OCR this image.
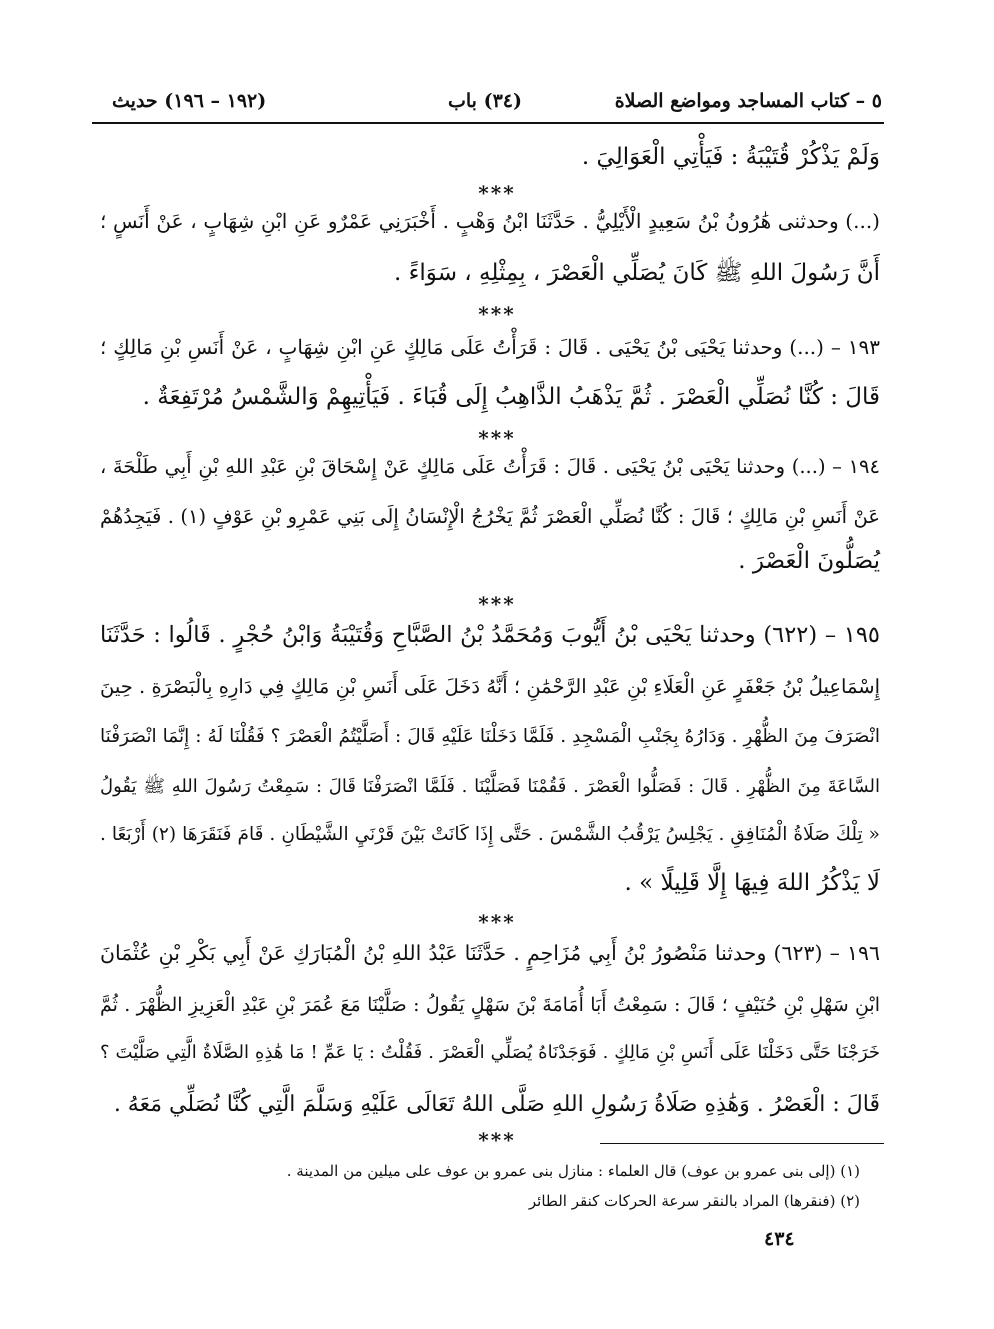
٥ – كتاب المساجد ومواضع الصلاة
(٣٤) باب
(١٩٢ – ١٩٦) حديث
وَلَمْ يَذْكُرْ قُتَيْبَةُ : فَيَأْتِي الْعَوَالِيَ .
***
(...) وحدثنى هَٰرُونُ بْنُ سَعِيدٍ الْأَيْلِيُّ . حَدَّثَنَا ابْنُ وَهْبٍ . أَخْبَرَنِي عَمْرٌو عَنِ ابْنِ شِهَابٍ ، عَنْ أَنَسٍ ؛
أَنَّ رَسُولَ اللهِ ﷺ كَانَ يُصَلِّي الْعَصْرَ ، بِمِثْلِهِ ، سَوَاءً .
***
١٩٣ – (...) وحدثنا يَحْيَى بْنُ يَحْيَى . قَالَ : قَرَأْتُ عَلَى مَالِكٍ عَنِ ابْنِ شِهَابٍ ، عَنْ أَنَسِ بْنِ مَالِكٍ ؛
قَالَ : كُنَّا نُصَلِّي الْعَصْرَ . ثُمَّ يَذْهَبُ الذَّاهِبُ إِلَى قُبَاءَ . فَيَأْتِيهِمْ وَالشَّمْسُ مُرْتَفِعَةٌ .
***
١٩٤ – (...) وحدثنا يَحْيَى بْنُ يَحْيَى . قَالَ : قَرَأْتُ عَلَى مَالِكٍ عَنْ إِسْحَاقَ بْنِ عَبْدِ اللهِ بْنِ أَبِي طَلْحَةَ ،
عَنْ أَنَسِ بْنِ مَالِكٍ ؛ قَالَ : كُنَّا نُصَلِّي الْعَصْرَ ثُمَّ يَخْرُجُ الْإِنْسَانُ إِلَى بَنِي عَمْرِو بْنِ عَوْفٍ (١) . فَيَجِدُهُمْ
يُصَلُّونَ الْعَصْرَ .
***
١٩٥ – (٦٢٢) وحدثنا يَحْيَى بْنُ أَيُّوبَ وَمُحَمَّدُ بْنُ الصَّبَّاحِ وَقُتَيْبَةُ وَابْنُ حُجْرٍ . قَالُوا : حَدَّثَنَا
إِسْمَاعِيلُ بْنُ جَعْفَرٍ عَنِ الْعَلَاءِ بْنِ عَبْدِ الرَّحْمَٰنِ ؛ أَنَّهُ دَخَلَ عَلَى أَنَسِ بْنِ مَالِكٍ فِي دَارِهِ بِالْبَصْرَةِ . حِينَ
انْصَرَفَ مِنَ الظُّهْرِ . وَدَارُهُ بِجَنْبِ الْمَسْجِدِ . فَلَمَّا دَخَلْنَا عَلَيْهِ قَالَ : أَصَلَّيْتُمُ الْعَصْرَ ؟ فَقُلْنَا لَهُ : إِنَّمَا انْصَرَفْنَا
السَّاعَةَ مِنَ الظُّهْرِ . قَالَ : فَصَلُّوا الْعَصْرَ . فَقُمْنَا فَصَلَّيْنَا . فَلَمَّا انْصَرَفْنَا قَالَ : سَمِعْتُ رَسُولَ اللهِ ﷺ يَقُولُ
« تِلْكَ صَلَاةُ الْمُنَافِقِ . يَجْلِسُ يَرْقُبُ الشَّمْسَ . حَتَّى إِذَا كَانَتْ بَيْنَ قَرْنَيِ الشَّيْطَانِ . قَامَ فَنَقَرَهَا (٢) أَرْبَعًا .
لَا يَذْكُرُ اللهَ فِيهَا إِلَّا قَلِيلًا » .
***
١٩٦ – (٦٢٣) وحدثنا مَنْصُورُ بْنُ أَبِي مُزَاحِمٍ . حَدَّثَنَا عَبْدُ اللهِ بْنُ الْمُبَارَكِ عَنْ أَبِي بَكْرِ بْنِ عُثْمَانَ
ابْنِ سَهْلِ بْنِ حُنَيْفٍ ؛ قَالَ : سَمِعْتُ أَبَا أُمَامَةَ بْنَ سَهْلٍ يَقُولُ : صَلَّيْنَا مَعَ عُمَرَ بْنِ عَبْدِ الْعَزِيزِ الظُّهْرَ . ثُمَّ
خَرَجْنَا حَتَّى دَخَلْنَا عَلَى أَنَسِ بْنِ مَالِكٍ . فَوَجَدْنَاهُ يُصَلِّي الْعَصْرَ . فَقُلْتُ : يَا عَمِّ ! مَا هَٰذِهِ الصَّلَاةُ الَّتِي صَلَّيْتَ ؟
قَالَ : الْعَصْرُ . وَهَٰذِهِ صَلَاةُ رَسُولِ اللهِ صَلَّى اللهُ تَعَالَى عَلَيْهِ وَسَلَّمَ الَّتِي كُنَّا نُصَلِّي مَعَهُ .
***
(١) (إلى بنى عمرو بن عوف) قال العلماء : منازل بنى عمرو بن عوف على ميلين من المدينة .
(٢) (فنقرها) المراد بالنقر سرعة الحركات كنقر الطائر
٤٣٤
